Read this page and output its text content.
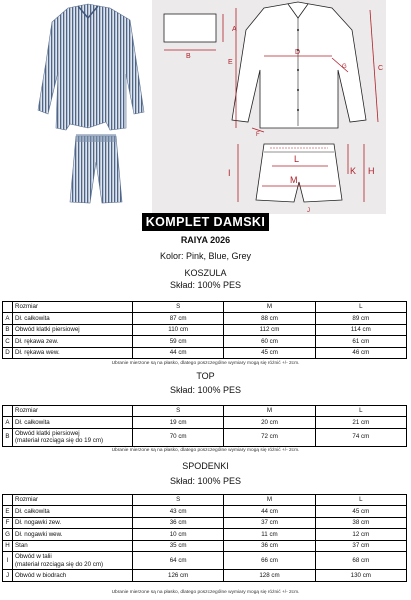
A
B
E
D
C
G
F
L
M.
I	K H
J
KOMPLET DAMSKI
RAIYA 2026
Kolor: Pink, Blue, Grey
KOSZULA
Skład: 100% PES
	Rozmiar	S	M	L
A	Dł. całkowita	87 cm	88 cm	89 cm
B	Obwód klatki piersiowej	110 cm	112 cm	114 cm
C	Dł. rękawa zew.	59 cm	60 cm	61 cm
D	Dł. rękawa wew.	44 cm	45 cm	46 cm
Ubranie mierzone są na płasko, dlatego poszczególne wymiary mogą się różnić +/- 2cm.
TOP
Skład: 100% PES
	Rozmiar	S	M	L
A	Dł. całkowita	19 cm	20 cm	21 cm
B	Obwód klatki piersiowej
(materiał rozciąga się do 19 cm)	70 cm	72 cm	74 cm
Ubranie mierzone są na płasko, dlatego poszczególne wymiary mogą się różnić +/- 2cm.
SPODENKI
Skład: 100% PES
	Rozmiar	S	M	L
E	Dł. całkowita	43 cm	44 cm	45 cm
F	Dł. nogawki zew.	36 cm	37 cm	38 cm
G	Dł. nogawki wew.	10 cm	11 cm	12 cm
H	Stan	35 cm	36 cm	37 cm
I	Obwód w talii
(materiał rozciąga się do 20 cm)	64 cm	66 cm	68 cm
J	Obwód w biodrach	126 cm	128 cm	130 cm
Ubranie mierzone są na płasko, dlatego poszczególne wymiary mogą się różnić +/- 2cm.
